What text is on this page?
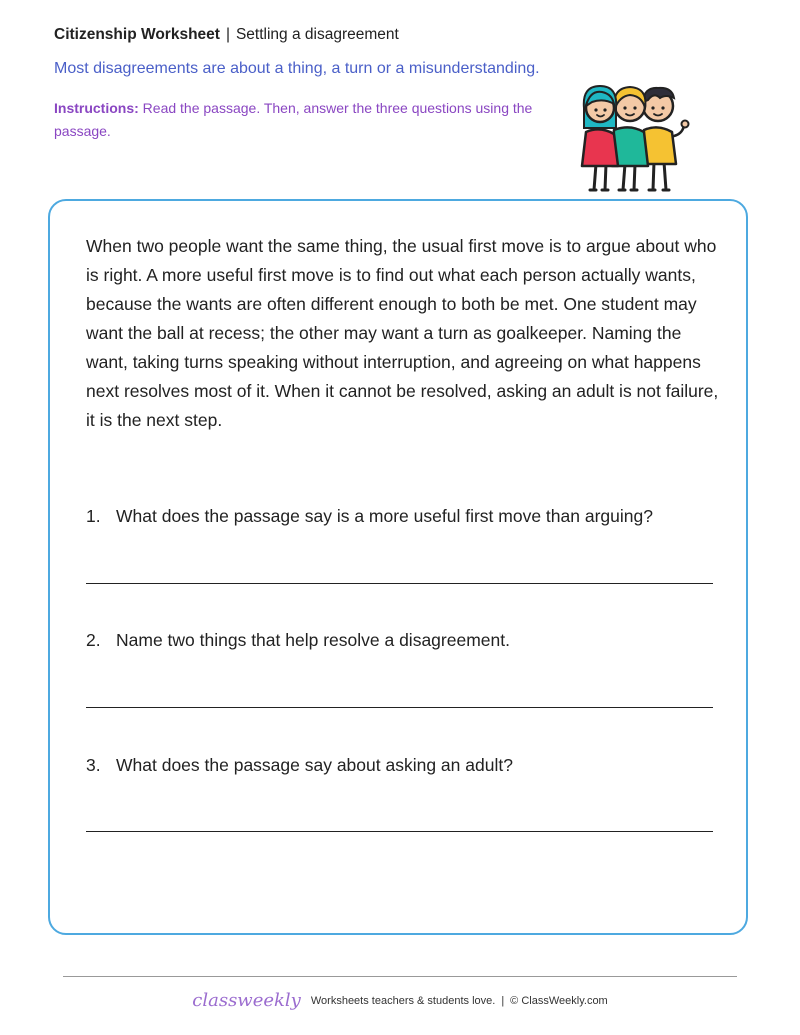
Citizenship Worksheet | Settling a disagreement
Most disagreements are about a thing, a turn or a misunderstanding.
Instructions: Read the passage. Then, answer the three questions using the passage.
When two people want the same thing, the usual first move is to argue about who is right. A more useful first move is to find out what each person actually wants, because the wants are often different enough to both be met. One student may want the ball at recess; the other may want a turn as goalkeeper. Naming the want, taking turns speaking without interruption, and agreeing on what happens next resolves most of it. When it cannot be resolved, asking an adult is not failure, it is the next step.
1. What does the passage say is a more useful first move than arguing?
2. Name two things that help resolve a disagreement.
3. What does the passage say about asking an adult?
classweekly Worksheets teachers & students love. | © ClassWeekly.com
